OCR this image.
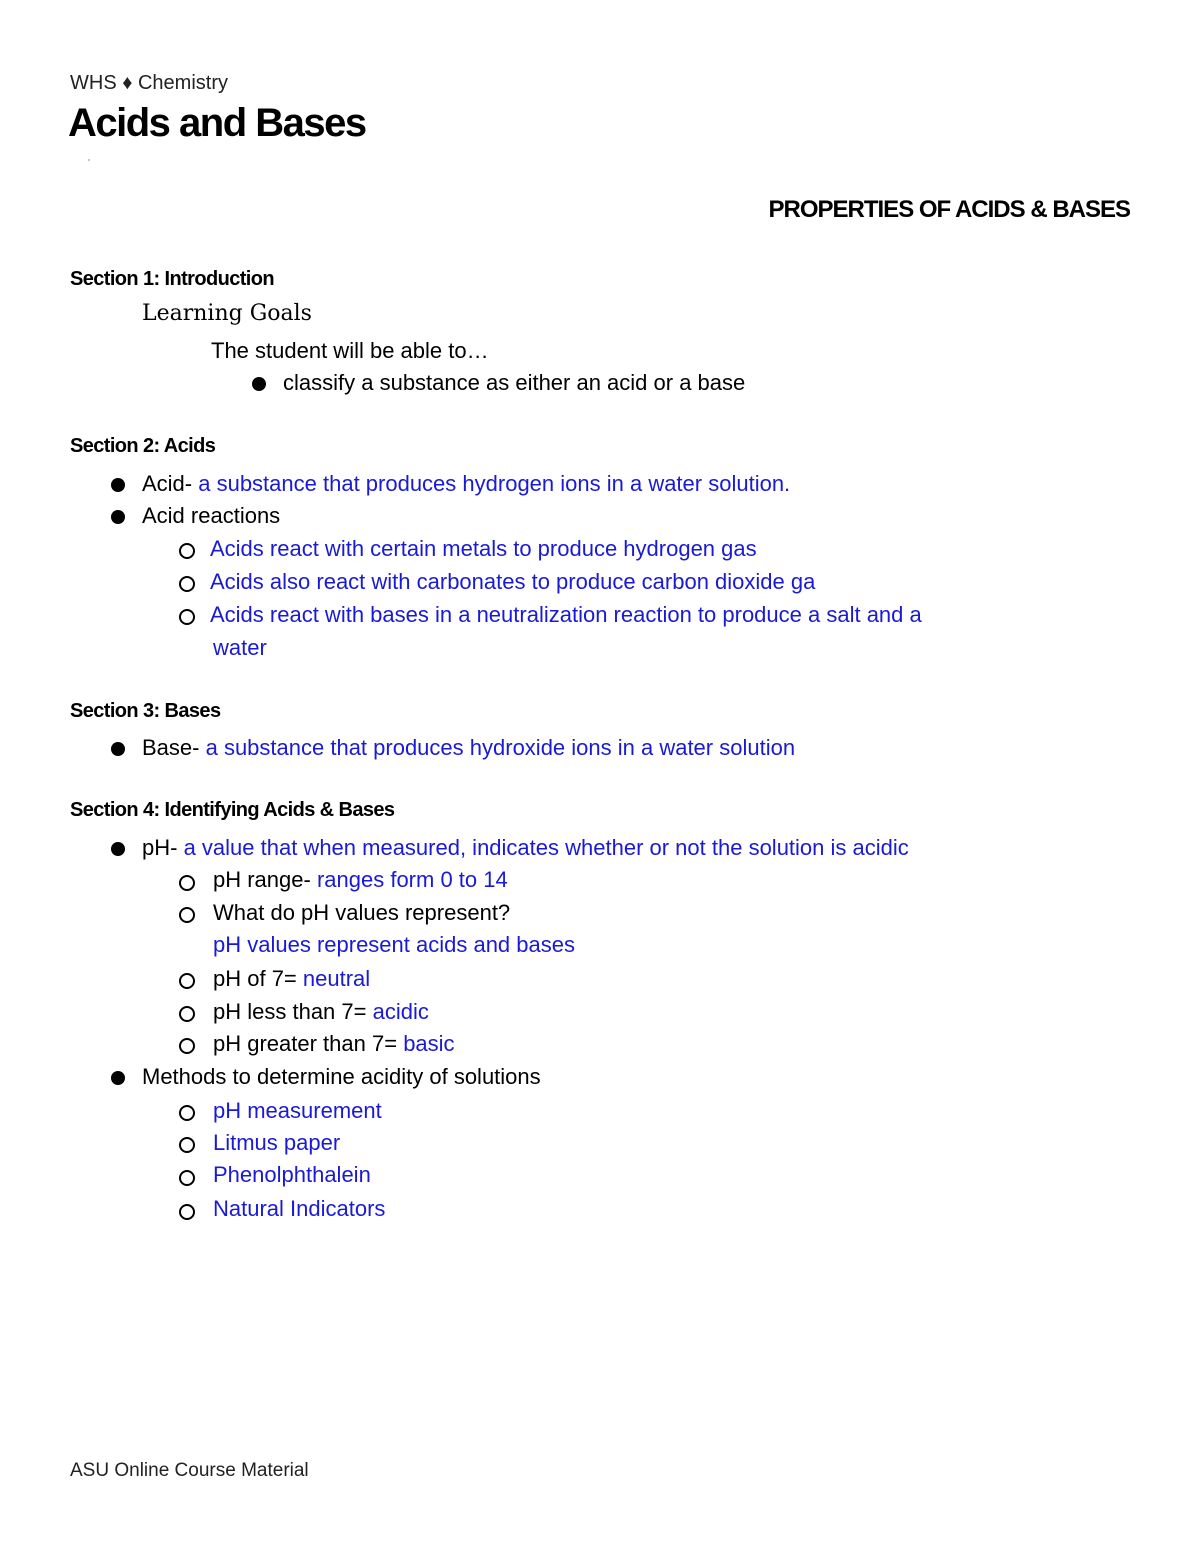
WHS ♦ Chemistry
Acids and Bases
'
PROPERTIES OF ACIDS & BASES
Section 1: Introduction
Learning Goals
The student will be able to…
classify a substance as either an acid or a base
Section 2: Acids
Acid- a substance that produces hydrogen ions in a water solution.
Acid reactions
Acids react with certain metals to produce hydrogen gas
Acids also react with carbonates to produce carbon dioxide ga
Acids react with bases in a neutralization reaction to produce a salt and a
water
Section 3: Bases
Base- a substance that produces hydroxide ions in a water solution
Section 4: Identifying Acids & Bases
pH- a value that when measured, indicates whether or not the solution is acidic
pH range- ranges form 0 to 14
What do pH values represent?
pH values represent acids and bases
pH of 7= neutral
pH less than 7= acidic
pH greater than 7= basic
Methods to determine acidity of solutions
pH measurement
Litmus paper
Phenolphthalein
Natural Indicators
ASU Online Course Material
